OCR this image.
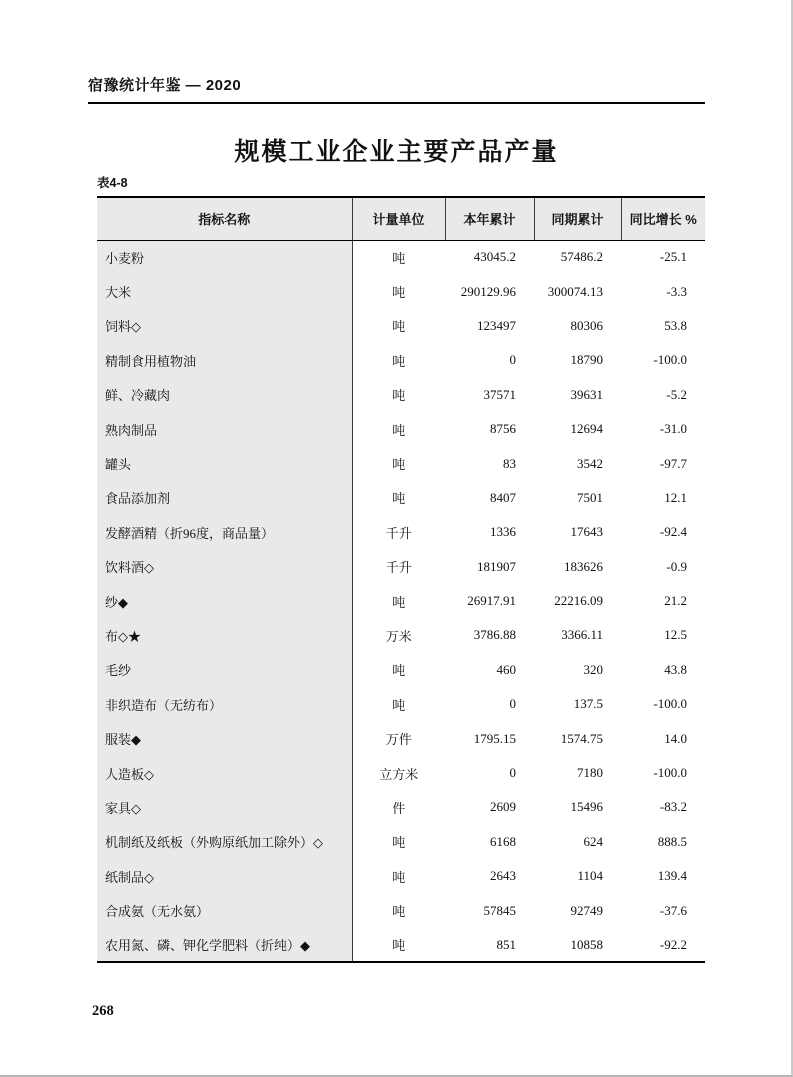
宿豫统计年鉴 — 2020
规模工业企业主要产品产量
表4-8
指标名称	计量单位	本年累计	同期累计	同比增长 %
小麦粉	吨	43045.2	57486.2	-25.1
大米	吨	290129.96	300074.13	-3.3
饲料◇	吨	123497	80306	53.8
精制食用植物油	吨	0	18790	-100.0
鲜、冷藏肉	吨	37571	39631	-5.2
熟肉制品	吨	8756	12694	-31.0
罐头	吨	83	3542	-97.7
食品添加剂	吨	8407	7501	12.1
发酵酒精（折96度，商品量）	千升	1336	17643	-92.4
饮料酒◇	千升	181907	183626	-0.9
纱◆	吨	26917.91	22216.09	21.2
布◇★	万米	3786.88	3366.11	12.5
毛纱	吨	460	320	43.8
非织造布（无纺布）	吨	0	137.5	-100.0
服装◆	万件	1795.15	1574.75	14.0
人造板◇	立方米	0	7180	-100.0
家具◇	件	2609	15496	-83.2
机制纸及纸板（外购原纸加工除外）◇	吨	6168	624	888.5
纸制品◇	吨	2643	1104	139.4
合成氨（无水氨）	吨	57845	92749	-37.6
农用氮、磷、钾化学肥料（折纯）◆	吨	851	10858	-92.2
268
